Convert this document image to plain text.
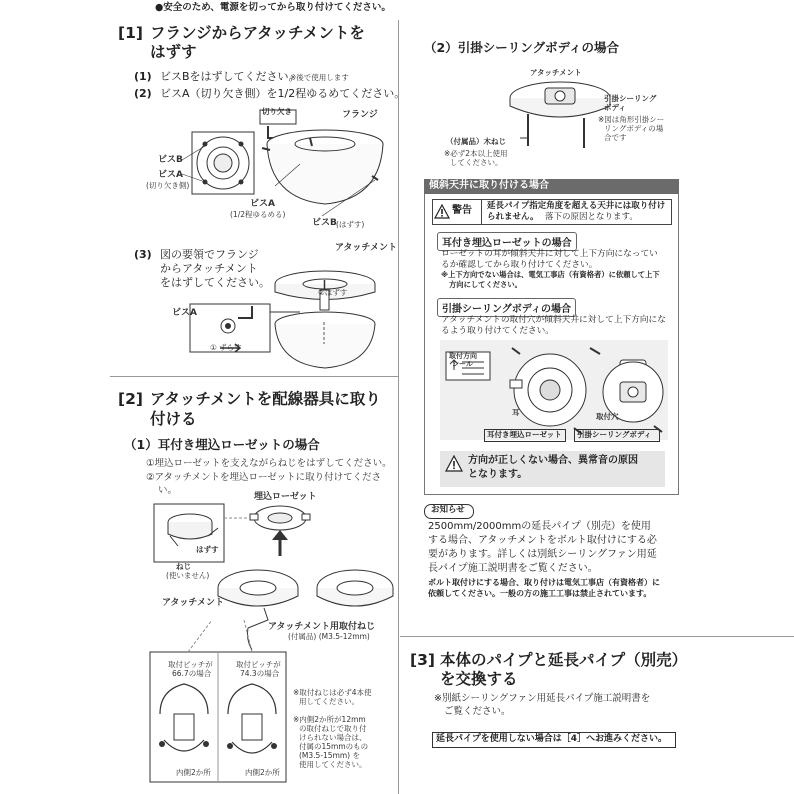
●安全のため、電源を切ってから取り付けてください。
[1] フランジからアタッチメントを
はずす
(1) ビスBをはずしてください。
※後で使用します
(2) ビスA（切り欠き側）を1/2程ゆるめてください。
切り欠き	フランジ
ビスB
ビスA
(切り欠き側)
ビスA
(1/2程ゆるめる)
ビスB (はずす)
(3) 図の要領でフランジ
からアタッチメント
をはずしてください。
アタッチメント
②はずす
ビスA
① ずらす
[2] アタッチメントを配線器具に取り
付ける
（1）耳付き埋込ローゼットの場合
①埋込ローゼットを支えながらねじをはずしてください。
②アタッチメントを埋込ローゼットに取り付けてくださ
い。
埋込ローゼット
はずす
ねじ
(使いません)
アタッチメント
アタッチメント用取付ねじ
(付属品) (M3.5-12mm)
取付ピッチが
66.7の場合
取付ピッチが
74.3の場合
※取付ねじは必ず4本使
用してください。
※内側2か所が12mm
の取付ねじで取り付
けられない場合は、
付属の15mmのもの
(M3.5-15mm) を
使用してください。
内側2か所	内側2か所
（2）引掛シーリングボディの場合
アタッチメント
引掛シーリング
ボディ
※図は角形引掛シー
リングボディの場
合です
（付属品）木ねじ
※必ず2本以上使用
してください。
傾斜天井に取り付ける場合
警告 延長パイプ指定角度を超える天井には取り付け
られません。 落下の原因となります。
耳付き埋込ローゼットの場合
ローゼットの耳が傾斜天井に対して上下方向になってい
るか確認してから取り付けてください。
※上下方向でない場合は、電気工事店（有資格者）に依頼して上下
方向にしてください。
引掛シーリングボディの場合
アタッチメントの取付穴が傾斜天井に対して上下方向にな
るよう取り付けてください。
取付方向
シール
耳	取付穴
耳付き埋込ローゼット 引掛シーリングボディ
方向が正しくない場合、異常音の原因
となります。
お知らせ
2500mm/2000mmの延長パイプ（別売）を使用
する場合、アタッチメントをボルト取付けにする必
要があります。詳しくは別紙シーリングファン用延
長パイプ施工説明書をご覧ください。
ボルト取付けにする場合、取り付けは電気工事店（有資格者）に
依頼してください。一般の方の施工工事は禁止されています。
[3] 本体のパイプと延長パイプ（別売）
を交換する
※別紙シーリングファン用延長パイプ施工説明書を
ご覧ください。
延長パイプを使用しない場合は［4］へお進みください。
